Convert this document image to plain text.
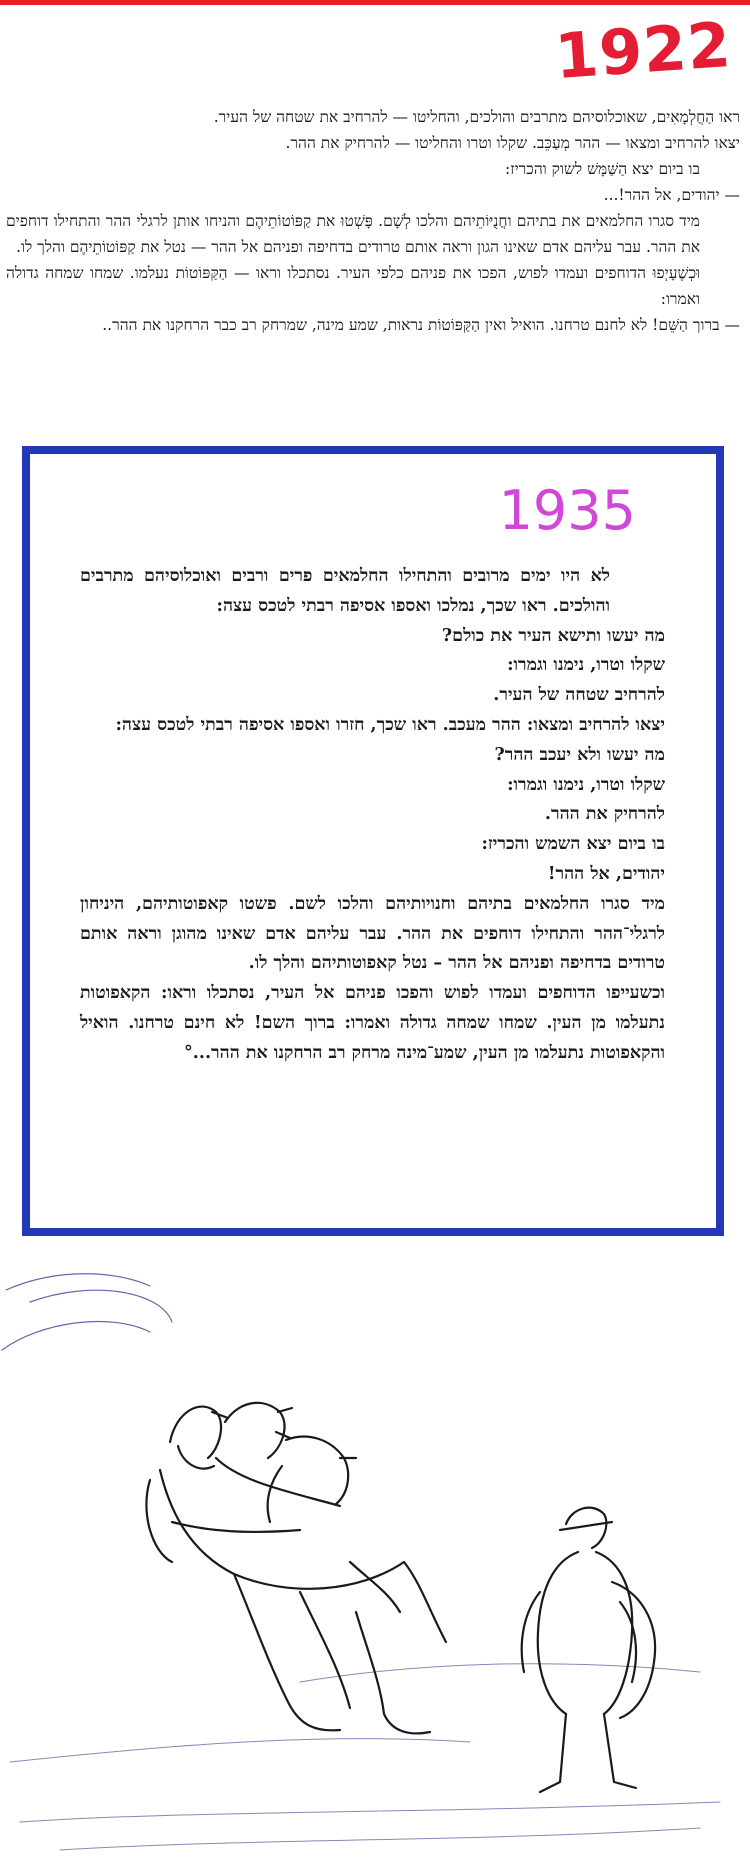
1922

ראו הַחֲלְמָאִים, שאוכלוסיהם מתרבים והולכים, והחליטו — להרחיב את שטחה של העיר.

יצאו להרחיב ומצאו — ההר מְעַכֵּב. שקלו וטרו והחליטו — להרחיק את ההר.

בו ביום יצא הַשַּׁמָּשׁ לשוק והכריז:

— יהודים, אל ההר!...

מיד סגרו החלמאים את בתיהם וחֲנֻיּוֹתֵיהם והלכו לְשָׁם. פָּשְׁטוּ את קַפּוֹטוֹתֵיהֶם והניחו אותן לרגלי ההר והתחילו דוחפים את ההר. עבר עליהם אדם שאינו הגון וראה אותם טרודים בדחיפה ופניהם אל ההר — נטל את קַפּוֹטוֹתֵיהֶם והלך לו.

וּכְשֶׁעָיְפוּ הדוחפים ועמדו לפוש, הפכו את פניהם כלפי העיר. נסתכלו וראו — הַקַּפּוֹטוֹת נעלמו. שמחו שמחה גדולה ואמרו:

— ברוך הַשֵּׁם! לא לחנם טרחנו. הואיל ואין הַקַּפּוֹטוֹת נראות, שמע מינה, שמרחק רב כבר הרחקנו את ההר..

1935

לא היו ימים מרובים והתחילו החלמאים פרים ורבים ואוכלוסיהם מתרבים והולכים. ראו שכך, נמלכו ואספו אסיפה רבתי לטכס עצה:

מה יעשו ותישא העיר את כולם?

שקלו וטרו, נימנו וגמרו:

להרחיב שטחה של העיר.

יצאו להרחיב ומצאו: ההר מעכב. ראו שכך, חזרו ואספו אסיפה רבתי לטכס עצה:

מה יעשו ולא יעכב ההר?

שקלו וטרו, נימנו וגמרו:

להרחיק את ההר.

בו ביום יצא השמש והכריז:

יהודים, אל ההר!

מיד סגרו החלמאים בתיהם וחנויותיהם והלכו לשם. פשטו קאפוטותיהם, היניחון לרגלי־ההר והתחילו דוחפים את ההר. עבר עליהם אדם שאינו מהוגן וראה אותם טרודים בדחיפה ופניהם אל ההר – נטל קאפוטותיהם והלך לו.

וכשעייפו הדוחפים ועמדו לפוש והפכו פניהם אל העיר, נסתכלו וראו: הקאפוטות נתעלמו מן העין. שמחו שמחה גדולה ואמרו: ברוך השם! לא חינם טרחנו. הואיל והקאפוטות נתעלמו מן העין, שמע־מינה מרחק רב הרחקנו את ההר...°
